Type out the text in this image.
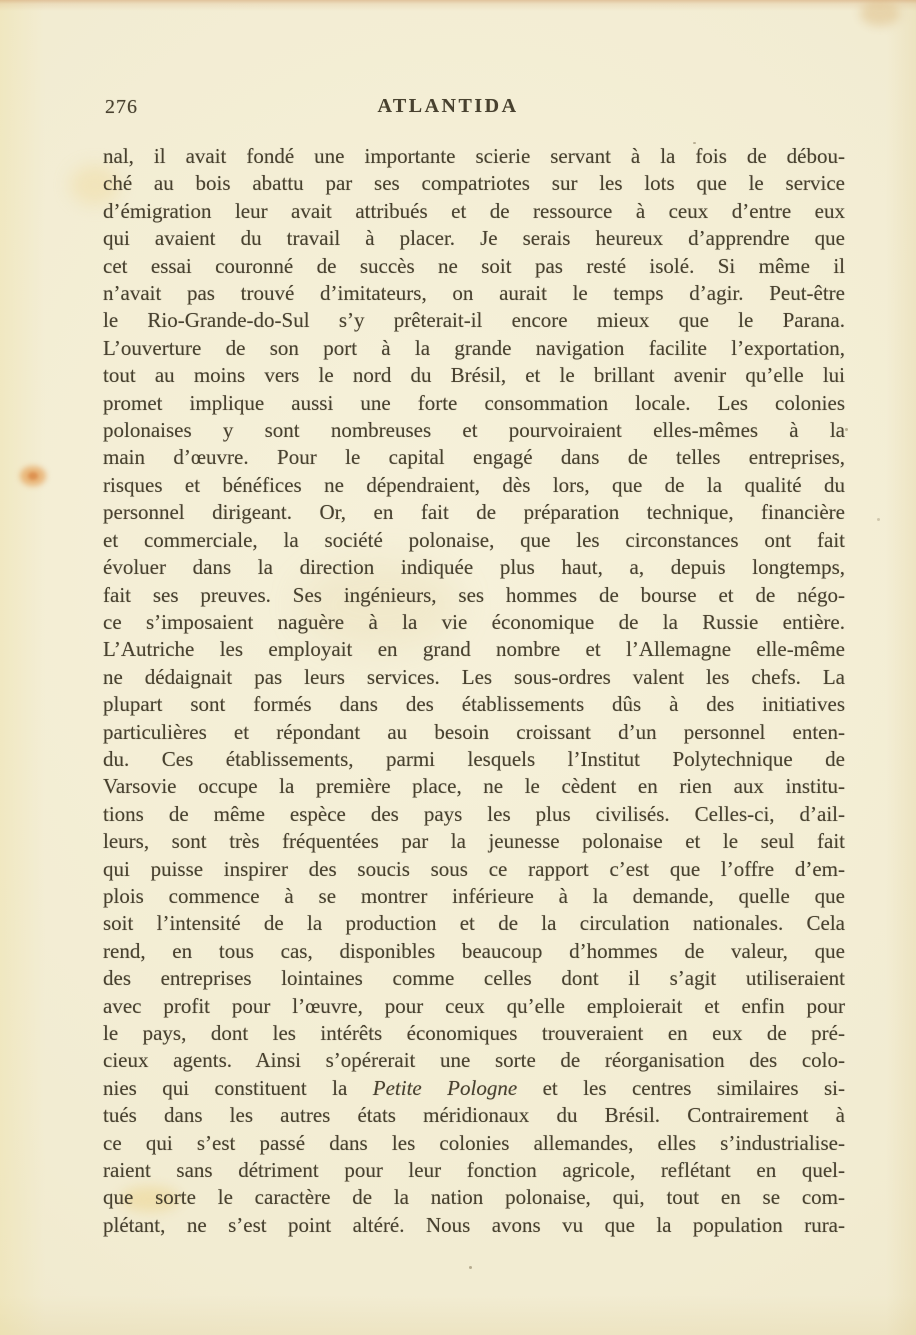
276	ATLANTIDA
nal, il avait fondé une importante scierie servant à la fois de débou-
ché au bois abattu par ses compatriotes sur les lots que le service
d’émigration leur avait attribués et de ressource à ceux d’entre eux
qui avaient du travail à placer. Je serais heureux d’apprendre que
cet essai couronné de succès ne soit pas resté isolé. Si même il
n’avait pas trouvé d’imitateurs, on aurait le temps d’agir. Peut-être
le Rio-Grande-do-Sul s’y prêterait-il encore mieux que le Parana.
L’ouverture de son port à la grande navigation facilite l’exportation,
tout au moins vers le nord du Brésil, et le brillant avenir qu’elle lui
promet implique aussi une forte consommation locale. Les colonies
polonaises y sont nombreuses et pourvoiraient elles-mêmes à la
main d’œuvre. Pour le capital engagé dans de telles entreprises,
risques et bénéfices ne dépendraient, dès lors, que de la qualité du
personnel dirigeant. Or, en fait de préparation technique, financière
et commerciale, la société polonaise, que les circonstances ont fait
évoluer dans la direction indiquée plus haut, a, depuis longtemps,
fait ses preuves. Ses ingénieurs, ses hommes de bourse et de négo-
ce s’imposaient naguère à la vie économique de la Russie entière.
L’Autriche les employait en grand nombre et l’Allemagne elle-même
ne dédaignait pas leurs services. Les sous-ordres valent les chefs. La
plupart sont formés dans des établissements dûs à des initiatives
particulières et répondant au besoin croissant d’un personnel enten-
du. Ces établissements, parmi lesquels l’Institut Polytechnique de
Varsovie occupe la première place, ne le cèdent en rien aux institu-
tions de même espèce des pays les plus civilisés. Celles-ci, d’ail-
leurs, sont très fréquentées par la jeunesse polonaise et le seul fait
qui puisse inspirer des soucis sous ce rapport c’est que l’offre d’em-
plois commence à se montrer inférieure à la demande, quelle que
soit l’intensité de la production et de la circulation nationales. Cela
rend, en tous cas, disponibles beaucoup d’hommes de valeur, que
des entreprises lointaines comme celles dont il s’agit utiliseraient
avec profit pour l’œuvre, pour ceux qu’elle emploierait et enfin pour
le pays, dont les intérêts économiques trouveraient en eux de pré-
cieux agents. Ainsi s’opérerait une sorte de réorganisation des colo-
nies qui constituent la Petite Pologne et les centres similaires si-
tués dans les autres états méridionaux du Brésil. Contrairement à
ce qui s’est passé dans les colonies allemandes, elles s’industrialise-
raient sans détriment pour leur fonction agricole, reflétant en quel-
que sorte le caractère de la nation polonaise, qui, tout en se com-
plétant, ne s’est point altéré. Nous avons vu que la population rura-
